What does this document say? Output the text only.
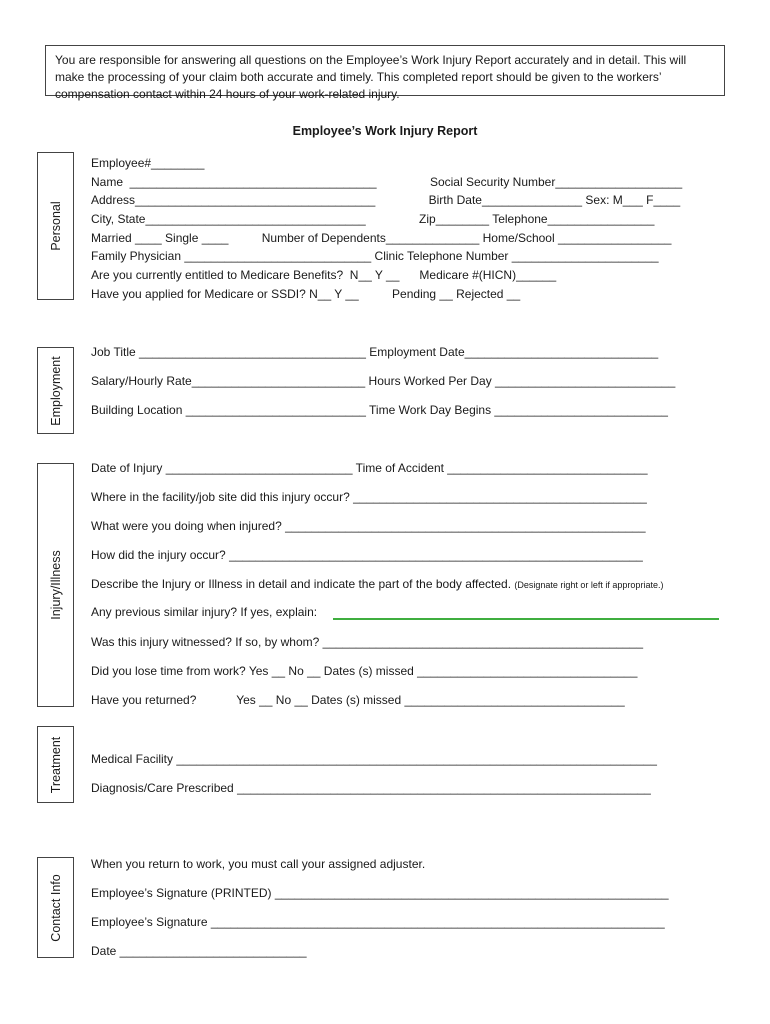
You are responsible for answering all questions on the Employee’s Work Injury Report accurately and in detail. This will make the processing of your claim both accurate and timely. This completed report should be given to the workers’ compensation contact within 24 hours of your work-related injury.
Employee’s Work Injury Report
Personal
Employee#________
Name  _____________________________________                Social Security Number___________________
Address____________________________________                Birth Date_______________ Sex: M___ F____
City, State_________________________________                Zip________ Telephone________________
Married ____ Single ____          Number of Dependents______________ Home/School _________________
Family Physician ____________________________ Clinic Telephone Number ______________________
Are you currently entitled to Medicare Benefits?  N__ Y __      Medicare #(HICN)______
Have you applied for Medicare or SSDI? N__ Y __          Pending __ Rejected __
Employment
Job Title __________________________________ Employment Date_____________________________
Salary/Hourly Rate__________________________ Hours Worked Per Day ___________________________
Building Location ___________________________ Time Work Day Begins __________________________
Injury/Illness
Date of Injury ____________________________ Time of Accident ______________________________
Where in the facility/job site did this injury occur? ____________________________________________
What were you doing when injured? ______________________________________________________
How did the injury occur? ______________________________________________________________
Describe the Injury or Illness in detail and indicate the part of the body affected. (Designate right or left if appropriate.)
Any previous similar injury? If yes, explain:
Was this injury witnessed? If so, by whom? ________________________________________________
Did you lose time from work? Yes __ No __ Dates (s) missed _________________________________
Have you returned?            Yes __ No __ Dates (s) missed _________________________________
Treatment Medical Facility ________________________________________________________________________
Diagnosis/Care Prescribed ______________________________________________________________
Contact Info
When you return to work, you must call your assigned adjuster.
Employee’s Signature (PRINTED) ___________________________________________________________
Employee’s Signature ____________________________________________________________________
Date ____________________________
